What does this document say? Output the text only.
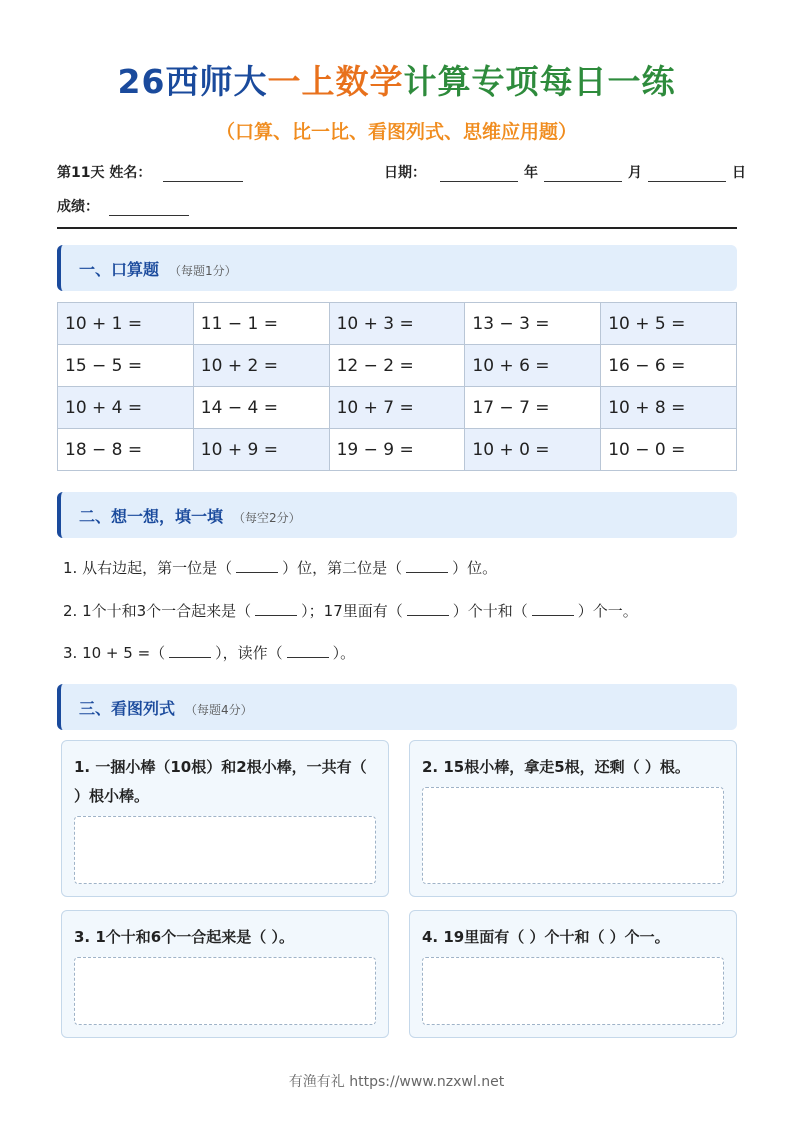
26西师大一上数学计算专项每日一练
（口算、比一比、看图列式、思维应用题）
第11天 姓名：	日期：	年	月	日
成绩：
一、口算题 （每题1分）
10 + 1 =	11 − 1 =	10 + 3 =	13 − 3 =	10 + 5 =
15 − 5 =	10 + 2 =	12 − 2 =	10 + 6 =	16 − 6 =
10 + 4 =	14 − 4 =	10 + 7 =	17 − 7 =	10 + 8 =
18 − 8 =	10 + 9 =	19 − 9 =	10 + 0 =	10 − 0 =
二、想一想，填一填 （每空2分）
1. 从右边起，第一位是（	）位，第二位是（	）位。
2. 1个十和3个一合起来是（	）；17里面有（	）个十和（	）个一。
3. 10 + 5 =（	），读作（	）。
三、看图列式 （每题4分）
1. 一捆小棒（10根）和2根小棒，一共有（ ）根小棒。
2. 15根小棒，拿走5根，还剩（ ）根。
3. 1个十和6个一合起来是（ ）。	4. 19里面有（ ）个十和（ ）个一。
有渔有礼 https://www.nzxwl.net
